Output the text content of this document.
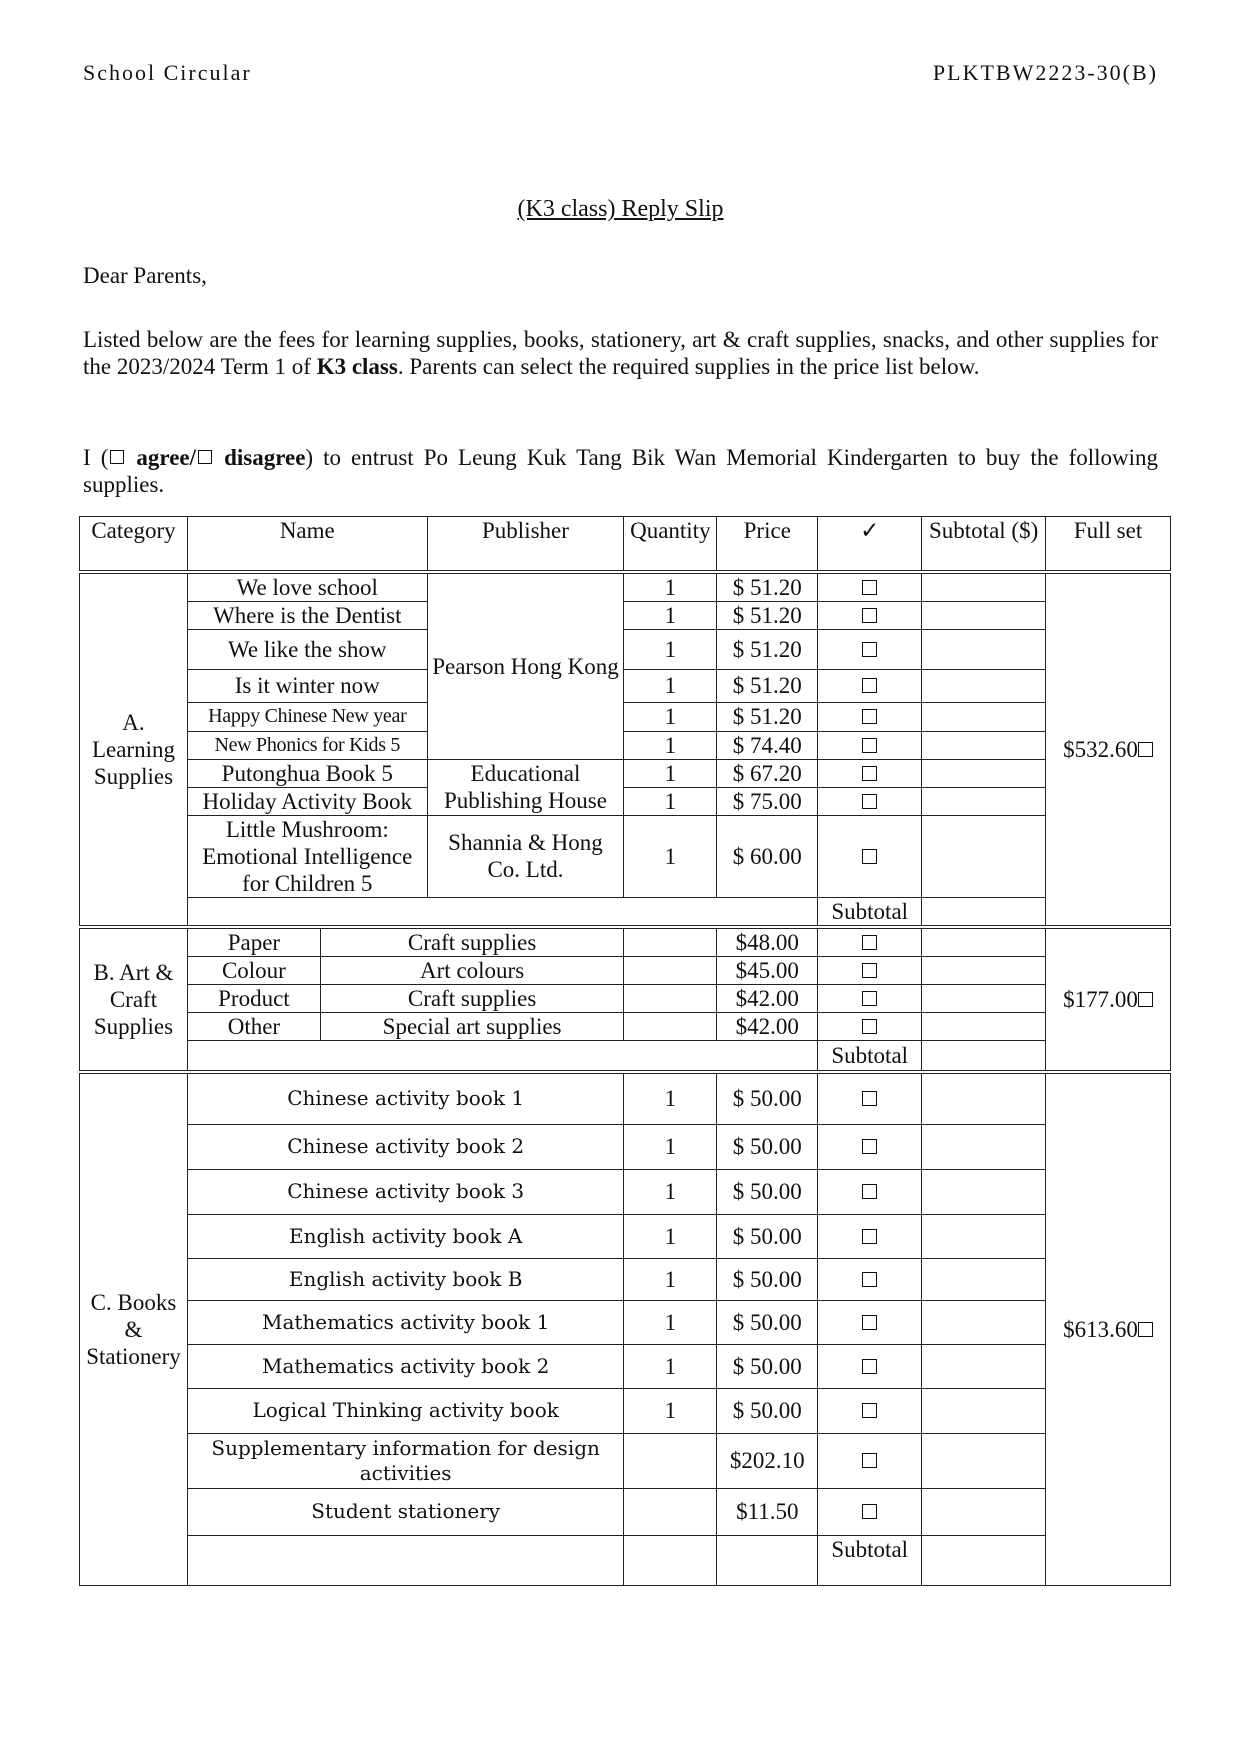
School Circular	PLKTBW2223-30(B)
(K3 class) Reply Slip
Dear Parents,
Listed below are the fees for learning supplies, books, stationery, art & craft supplies, snacks, and other supplies for the 2023/2024 Term 1 of K3 class. Parents can select the required supplies in the price list below.
I ( agree/ disagree) to entrust Po Leung Kuk Tang Bik Wan Memorial Kindergarten to buy the following supplies.
Category	Name		Publisher	Quantity	Price	✓	Subtotal ($)	Full set
A. Learning Supplies	We love school		Pearson Hong Kong	1	$ 51.20			$532.60
	Where is the Dentist			1	$ 51.20			
	We like the show			1	$ 51.20			
	Is it winter now			1	$ 51.20			
	Happy Chinese New year			1	$ 51.20			
	New Phonics for Kids 5			1	$ 74.40			
	Putonghua Book 5		Educational Publishing House	1	$ 67.20			
	Holiday Activity Book			1	$ 75.00			
	Little Mushroom: Emotional Intelligence for Children 5		Shannia & Hong Co. Ltd.	1	$ 60.00			
						Subtotal		
B. Art & Craft Supplies	Paper	Craft supplies			$48.00			$177.00
	Colour	Art colours			$45.00			
	Product	Craft supplies			$42.00			
	Other	Special art supplies			$42.00			
						Subtotal		
C. Books & Stationery	Chinese activity book 1			1	$ 50.00			$613.60
	Chinese activity book 2			1	$ 50.00			
	Chinese activity book 3			1	$ 50.00			
	English activity book A			1	$ 50.00			
	English activity book B			1	$ 50.00			
	Mathematics activity book 1			1	$ 50.00			
	Mathematics activity book 2			1	$ 50.00			
	Logical Thinking activity book			1	$ 50.00			
	Supplementary information for design activities				$202.10			
	Student stationery				$11.50			
						Subtotal		
